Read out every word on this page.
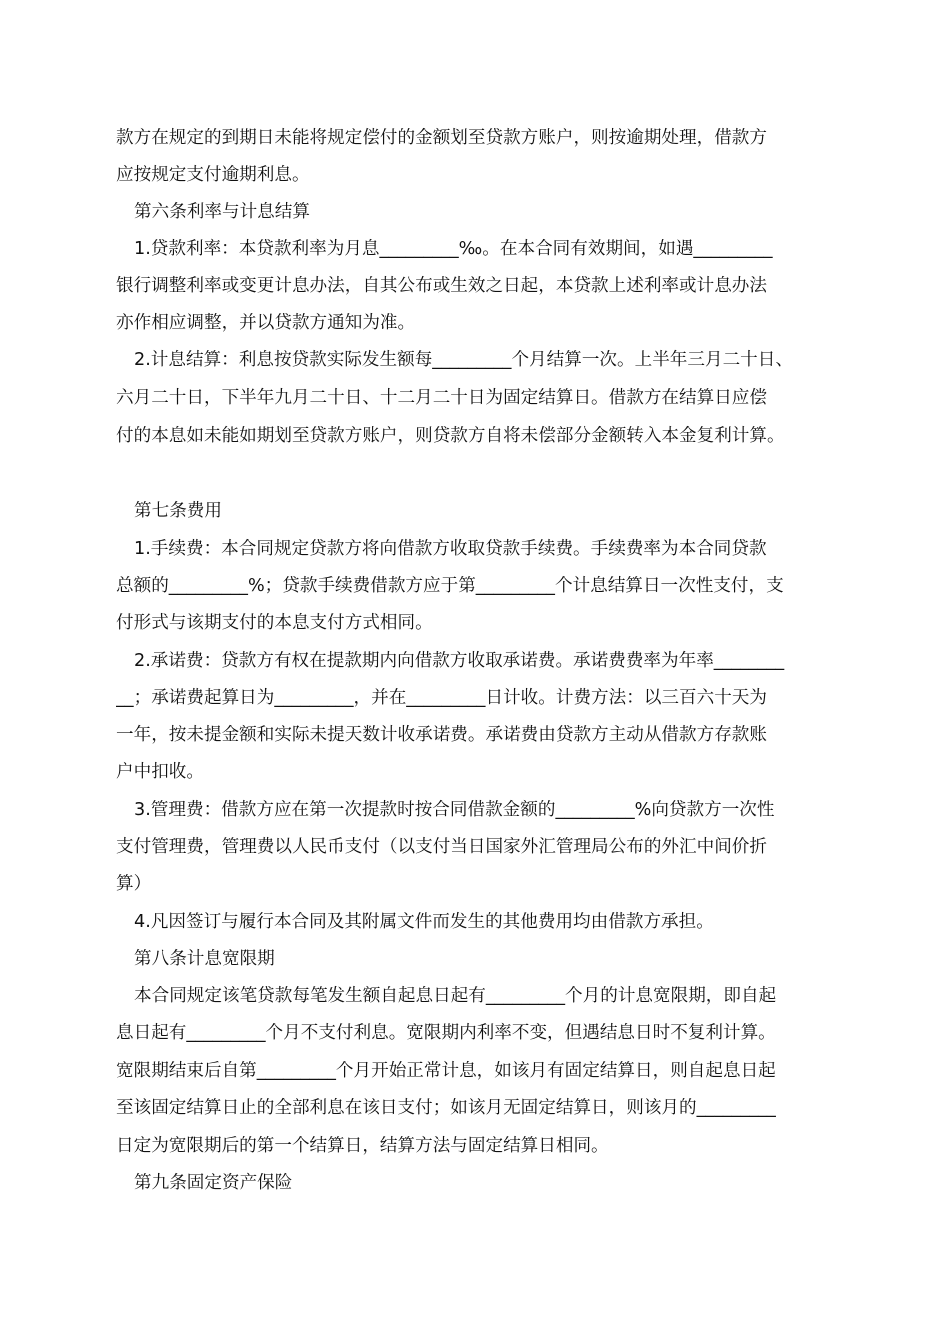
款方在规定的到期日未能将规定偿付的金额划至贷款方账户，则按逾期处理，借款方
应按规定支付逾期利息。
第六条利率与计息结算
1.贷款利率：本贷款利率为月息_________‰。在本合同有效期间，如遇_________
银行调整利率或变更计息办法，自其公布或生效之日起，本贷款上述利率或计息办法
亦作相应调整，并以贷款方通知为准。
2.计息结算：利息按贷款实际发生额每_________个月结算一次。上半年三月二十日、
六月二十日，下半年九月二十日、十二月二十日为固定结算日。借款方在结算日应偿
付的本息如未能如期划至贷款方账户，则贷款方自将未偿部分金额转入本金复利计算。
第七条费用
1.手续费：本合同规定贷款方将向借款方收取贷款手续费。手续费率为本合同贷款
总额的_________%；贷款手续费借款方应于第_________个计息结算日一次性支付，支
付形式与该期支付的本息支付方式相同。
2.承诺费：贷款方有权在提款期内向借款方收取承诺费。承诺费费率为年率________
__；承诺费起算日为_________，并在_________日计收。计费方法：以三百六十天为
一年，按未提金额和实际未提天数计收承诺费。承诺费由贷款方主动从借款方存款账
户中扣收。
3.管理费：借款方应在第一次提款时按合同借款金额的_________%向贷款方一次性
支付管理费，管理费以人民币支付（以支付当日国家外汇管理局公布的外汇中间价折
算）
4.凡因签订与履行本合同及其附属文件而发生的其他费用均由借款方承担。
第八条计息宽限期
本合同规定该笔贷款每笔发生额自起息日起有_________个月的计息宽限期，即自起
息日起有_________个月不支付利息。宽限期内利率不变，但遇结息日时不复利计算。
宽限期结束后自第_________个月开始正常计息，如该月有固定结算日，则自起息日起
至该固定结算日止的全部利息在该日支付；如该月无固定结算日，则该月的_________
日定为宽限期后的第一个结算日，结算方法与固定结算日相同。
第九条固定资产保险
